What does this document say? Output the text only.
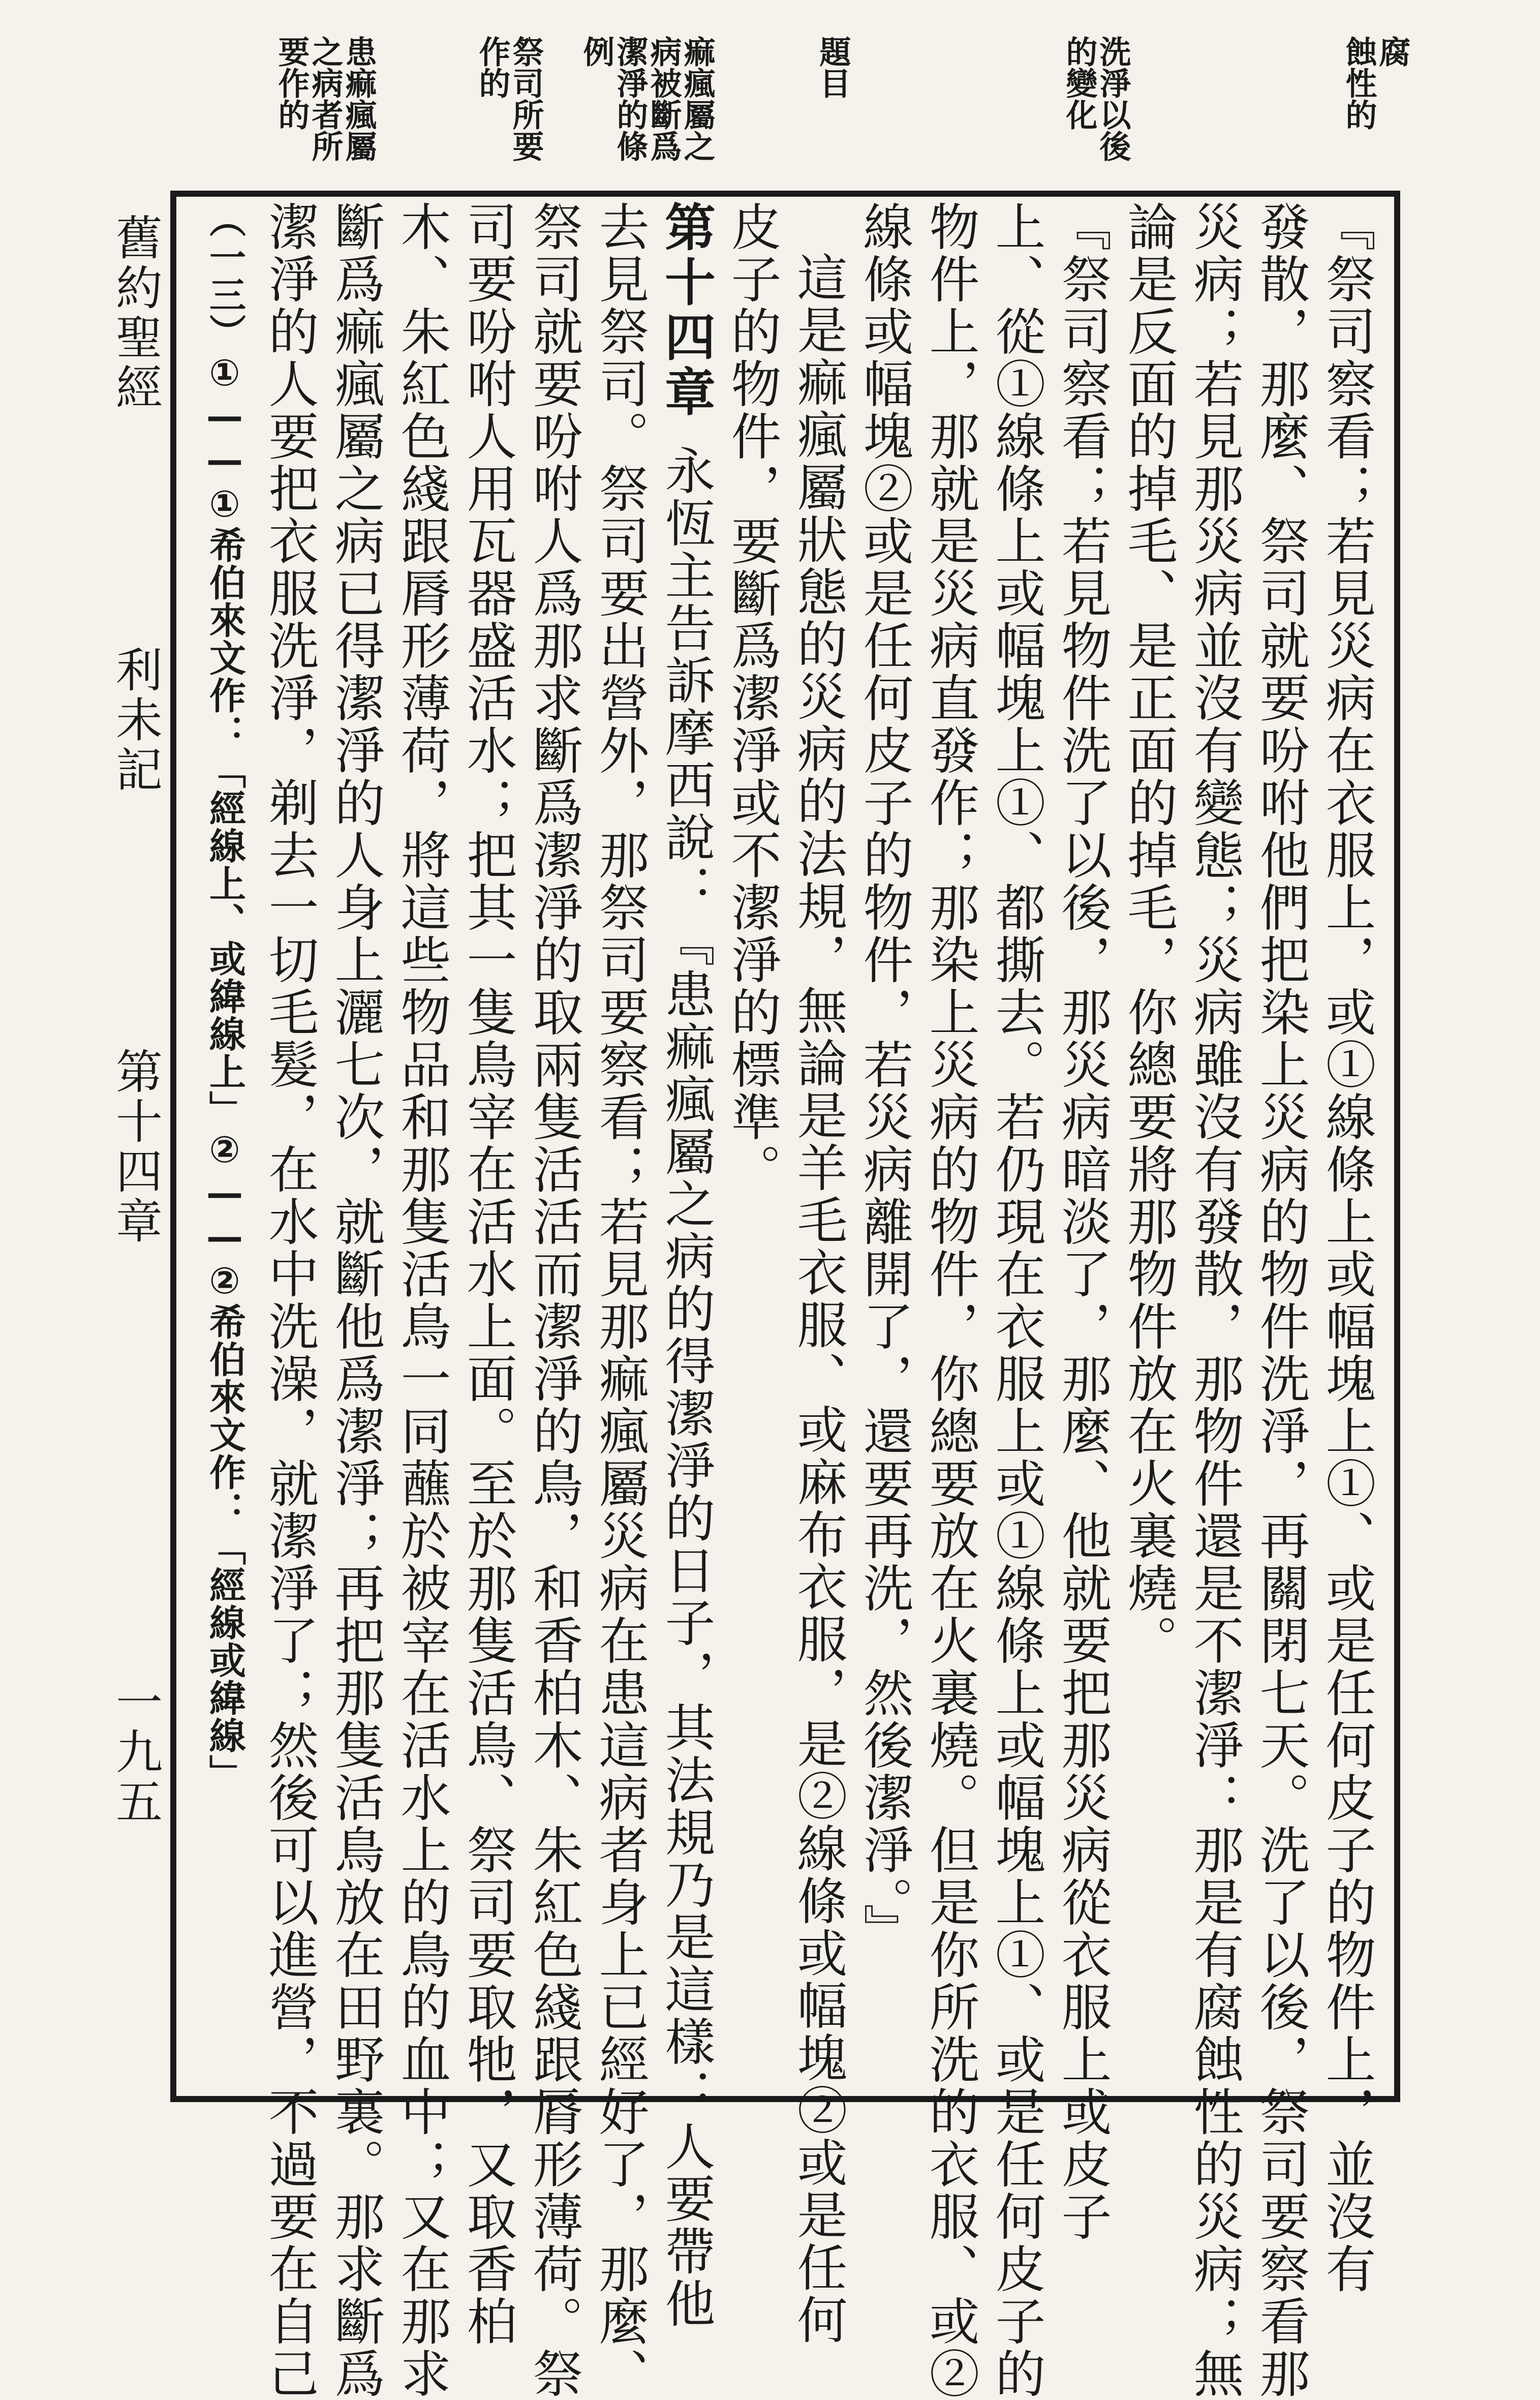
舊約聖經
利未記
第十四章
一九五
腐
蝕性的
洗淨以後
的變化
題目
痲瘋屬之
病被斷爲
潔淨的條
例
祭司所要
作的
患痲瘋屬
之病者所
要作的
『祭司察看；若見災病在衣服上，或①線條上或幅塊上①、或是任何皮子的物件上，並沒有
發散，那麼、祭司就要吩咐他們把染上災病的物件洗淨，再關閉七天。洗了以後，祭司要察看那
災病；若見那災病並沒有變態；災病雖沒有發散，那物件還是不潔淨：那是有腐蝕性的災病；無
論是反面的掉毛、是正面的掉毛，你總要將那物件放在火裏燒。
『祭司察看；若見物件洗了以後，那災病暗淡了，那麼、他就要把那災病從衣服上或皮子
上、從①線條上或幅塊上①、都撕去。若仍現在衣服上或①線條上或幅塊上①、或是任何皮子的
物件上，那就是災病直發作；那染上災病的物件，你總要放在火裏燒。但是你所洗的衣服、或②
線條或幅塊②或是任何皮子的物件，若災病離開了，還要再洗，然後潔淨。』
這是痲瘋屬狀態的災病的法規，無論是羊毛衣服、或麻布衣服，是②線條或幅塊②或是任何
皮子的物件，要斷爲潔淨或不潔淨的標準。
第十四章
永恆主告訴摩西說：『患痲瘋屬之病的得潔淨的日子，其法規乃是這樣：人要帶他
去見祭司。祭司要出營外，那祭司要察看；若見那痲瘋屬災病在患這病者身上已經好了，那麼、
祭司就要吩咐人爲那求斷爲潔淨的取兩隻活活而潔淨的鳥，和香柏木、朱紅色綫跟脣形薄荷。祭
司要吩咐人用瓦器盛活水；把其一隻鳥宰在活水上面。至於那隻活鳥、祭司要取牠，又取香柏
木、朱紅色綫跟脣形薄荷，將這些物品和那隻活鳥一同蘸於被宰在活水上的鳥的血中；又在那求
斷爲痲瘋屬之病已得潔淨的人身上灑七次，就斷他爲潔淨；再把那隻活鳥放在田野裏。那求斷爲
潔淨的人要把衣服洗淨，剃去一切毛髮，在水中洗澡，就潔淨了；然後可以進營，不過要在自己
（一三）①——①希伯來文作：「經線上、或緯線上」②——②希伯來文作：「經線或緯線」
